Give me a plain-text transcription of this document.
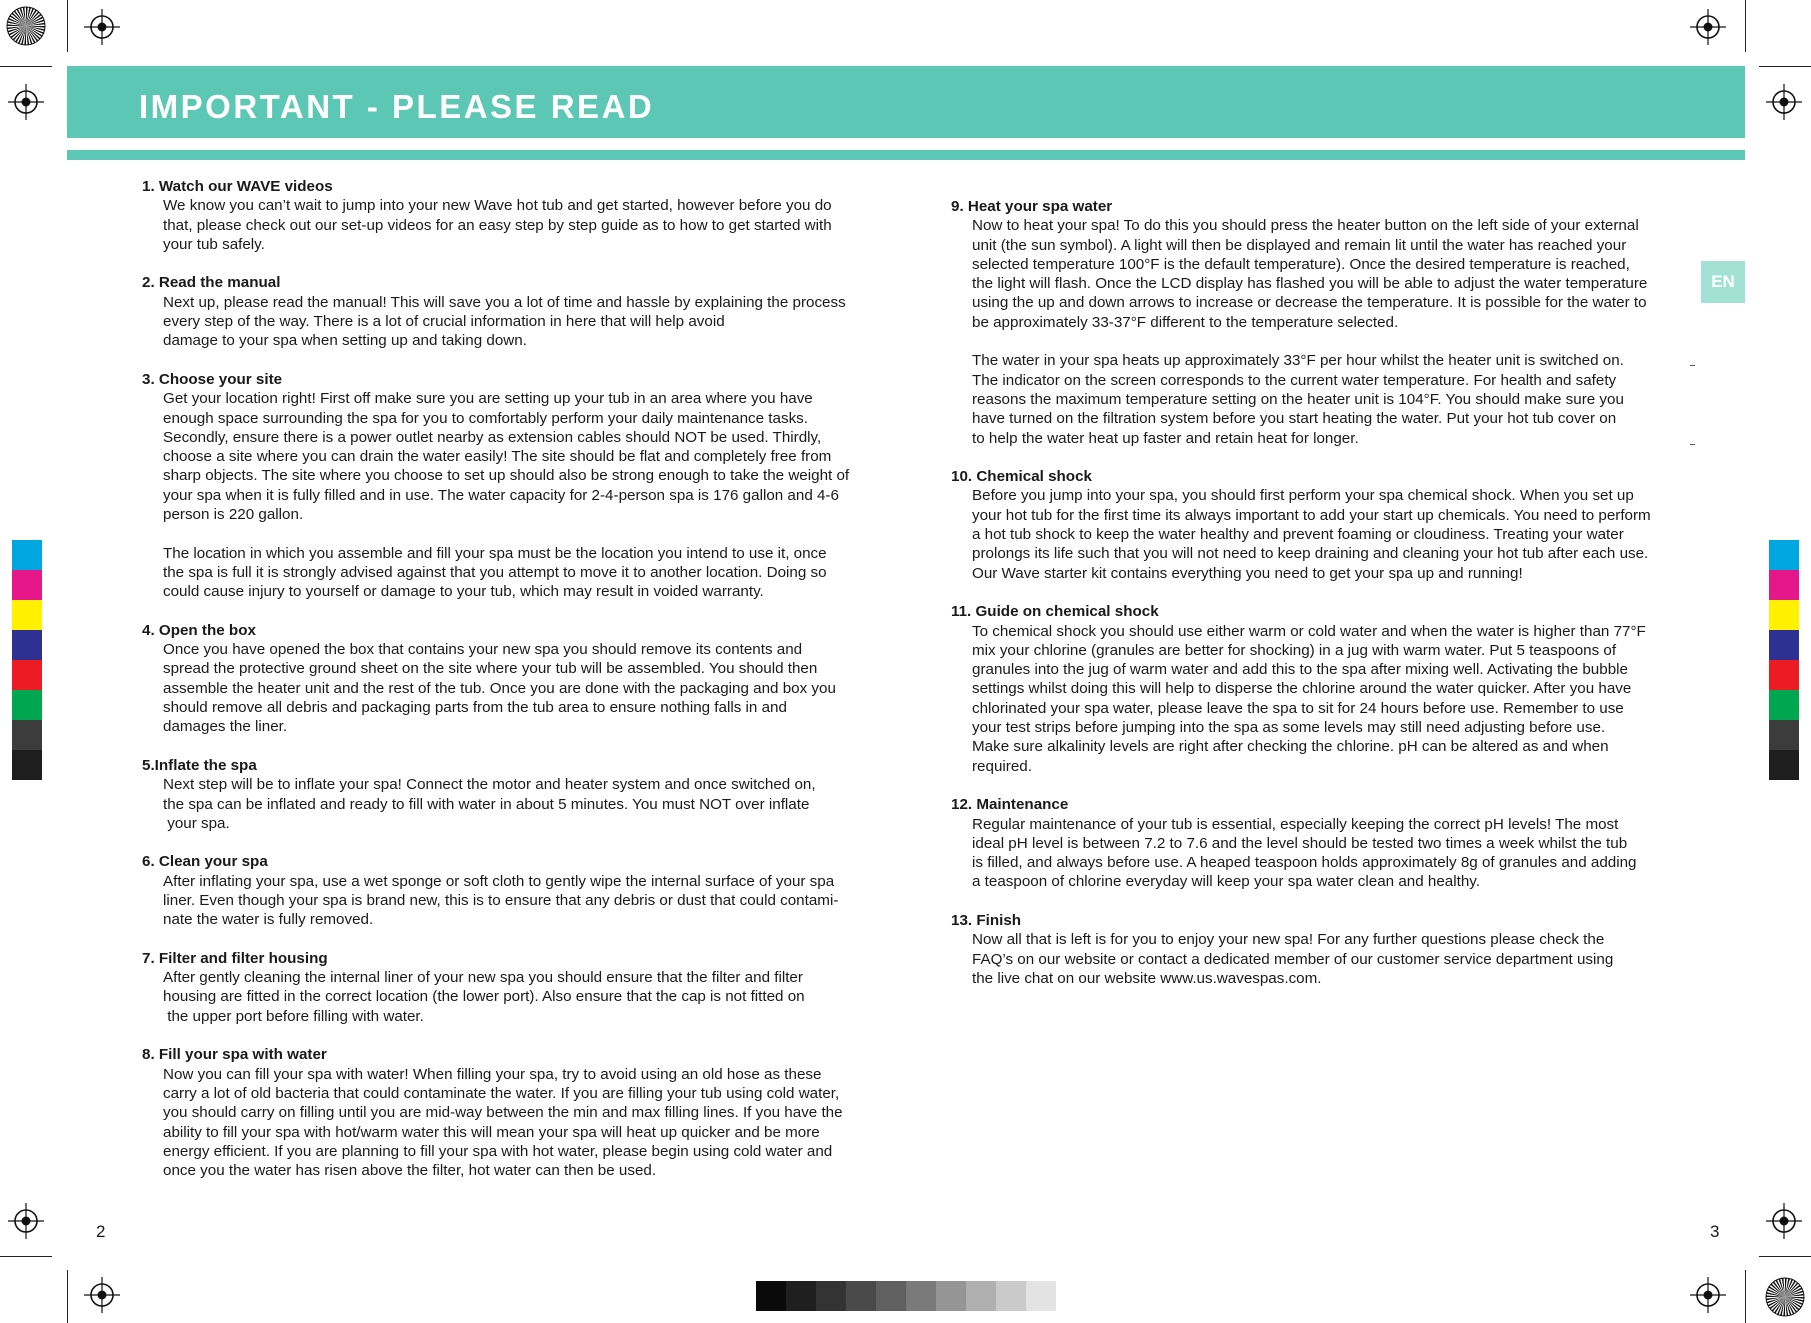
IMPORTANT - PLEASE READ
1. Watch our WAVE videos
We know you can’t wait to jump into your new Wave hot tub and get started, however before you do
that, please check out our set-up videos for an easy step by step guide as to how to get started with
your tub safely.
2. Read the manual
Next up, please read the manual! This will save you a lot of time and hassle by explaining the process
every step of the way. There is a lot of crucial information in here that will help avoid
damage to your spa when setting up and taking down.
3. Choose your site
Get your location right! First off make sure you are setting up your tub in an area where you have
enough space surrounding the spa for you to comfortably perform your daily maintenance tasks.
Secondly, ensure there is a power outlet nearby as extension cables should NOT be used. Thirdly,
choose a site where you can drain the water easily! The site should be flat and completely free from
sharp objects. The site where you choose to set up should also be strong enough to take the weight of
your spa when it is fully filled and in use. The water capacity for 2-4-person spa is 176 gallon and 4-6
person is 220 gallon.
The location in which you assemble and fill your spa must be the location you intend to use it, once
the spa is full it is strongly advised against that you attempt to move it to another location. Doing so
could cause injury to yourself or damage to your tub, which may result in voided warranty.
4. Open the box
Once you have opened the box that contains your new spa you should remove its contents and
spread the protective ground sheet on the site where your tub will be assembled. You should then
assemble the heater unit and the rest of the tub. Once you are done with the packaging and box you
should remove all debris and packaging parts from the tub area to ensure nothing falls in and
damages the liner.
5.Inflate the spa
Next step will be to inflate your spa! Connect the motor and heater system and once switched on,
the spa can be inflated and ready to fill with water in about 5 minutes. You must NOT over inflate
your spa.
6. Clean your spa
After inflating your spa, use a wet sponge or soft cloth to gently wipe the internal surface of your spa
liner. Even though your spa is brand new, this is to ensure that any debris or dust that could contami-
nate the water is fully removed.
7. Filter and filter housing
After gently cleaning the internal liner of your new spa you should ensure that the filter and filter
housing are fitted in the correct location (the lower port). Also ensure that the cap is not fitted on
the upper port before filling with water.
8. Fill your spa with water
Now you can fill your spa with water! When filling your spa, try to avoid using an old hose as these
carry a lot of old bacteria that could contaminate the water. If you are filling your tub using cold water,
you should carry on filling until you are mid-way between the min and max filling lines. If you have the
ability to fill your spa with hot/warm water this will mean your spa will heat up quicker and be more
energy efficient. If you are planning to fill your spa with hot water, please begin using cold water and
once you the water has risen above the filter, hot water can then be used.
9. Heat your spa water
Now to heat your spa! To do this you should press the heater button on the left side of your external
unit (the sun symbol). A light will then be displayed and remain lit until the water has reached your
selected temperature 100°F is the default temperature). Once the desired temperature is reached,
the light will flash. Once the LCD display has flashed you will be able to adjust the water temperature
using the up and down arrows to increase or decrease the temperature. It is possible for the water to
be approximately 33-37°F different to the temperature selected.
The water in your spa heats up approximately 33°F per hour whilst the heater unit is switched on.
The indicator on the screen corresponds to the current water temperature. For health and safety
reasons the maximum temperature setting on the heater unit is 104°F. You should make sure you
have turned on the filtration system before you start heating the water. Put your hot tub cover on
to help the water heat up faster and retain heat for longer.
10. Chemical shock
Before you jump into your spa, you should first perform your spa chemical shock. When you set up
your hot tub for the first time its always important to add your start up chemicals. You need to perform
a hot tub shock to keep the water healthy and prevent foaming or cloudiness. Treating your water
prolongs its life such that you will not need to keep draining and cleaning your hot tub after each use.
Our Wave starter kit contains everything you need to get your spa up and running!
11. Guide on chemical shock
To chemical shock you should use either warm or cold water and when the water is higher than 77°F
mix your chlorine (granules are better for shocking) in a jug with warm water. Put 5 teaspoons of
granules into the jug of warm water and add this to the spa after mixing well. Activating the bubble
settings whilst doing this will help to disperse the chlorine around the water quicker. After you have
chlorinated your spa water, please leave the spa to sit for 24 hours before use. Remember to use
your test strips before jumping into the spa as some levels may still need adjusting before use.
Make sure alkalinity levels are right after checking the chlorine. pH can be altered as and when
required.
12. Maintenance
Regular maintenance of your tub is essential, especially keeping the correct pH levels! The most
ideal pH level is between 7.2 to 7.6 and the level should be tested two times a week whilst the tub
is filled, and always before use. A heaped teaspoon holds approximately 8g of granules and adding
a teaspoon of chlorine everyday will keep your spa water clean and healthy.
13. Finish
Now all that is left is for you to enjoy your new spa! For any further questions please check the
FAQ’s on our website or contact a dedicated member of our customer service department using
the live chat on our website www.us.wavespas.com.
EN
2	3
